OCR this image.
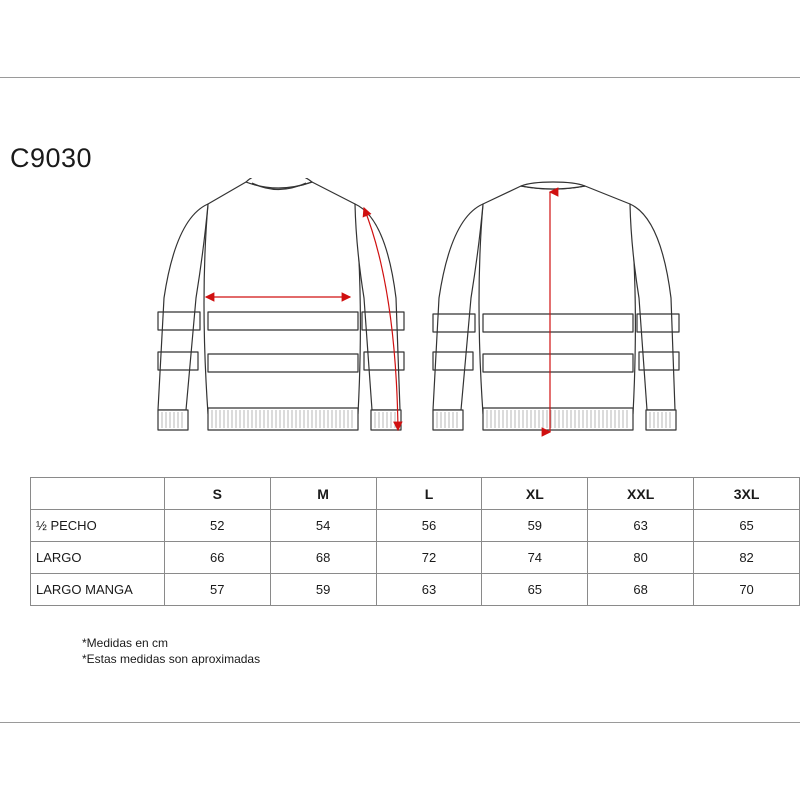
C9030
	S	M	L	XL	XXL	3XL
½ PECHO	52	54	56	59	63	65
LARGO	66	68	72	74	80	82
LARGO MANGA	57	59	63	65	68	70
*Medidas en cm
*Estas medidas son aproximadas
